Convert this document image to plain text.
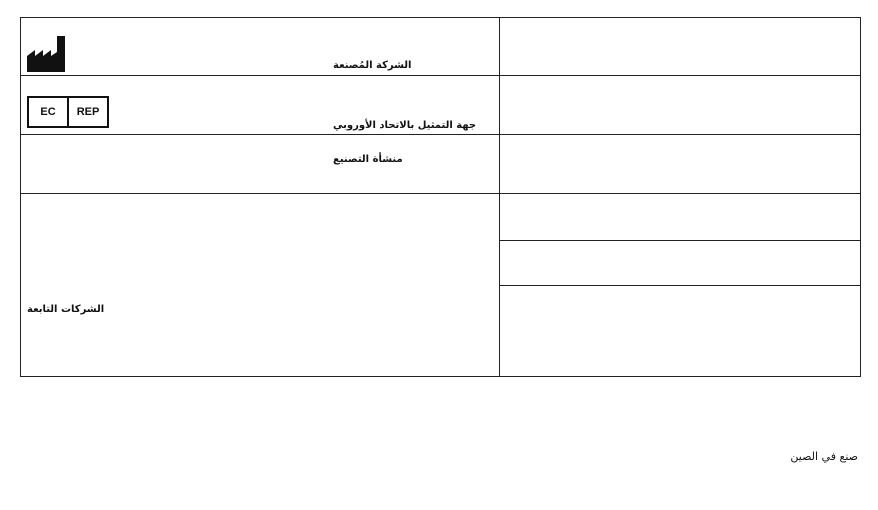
الشركة المُصنعة
EC	REP
جهة التمثيل بالاتحاد الأوروبي
منشأة التصنيع
الشركات التابعة
صنع في الصين
